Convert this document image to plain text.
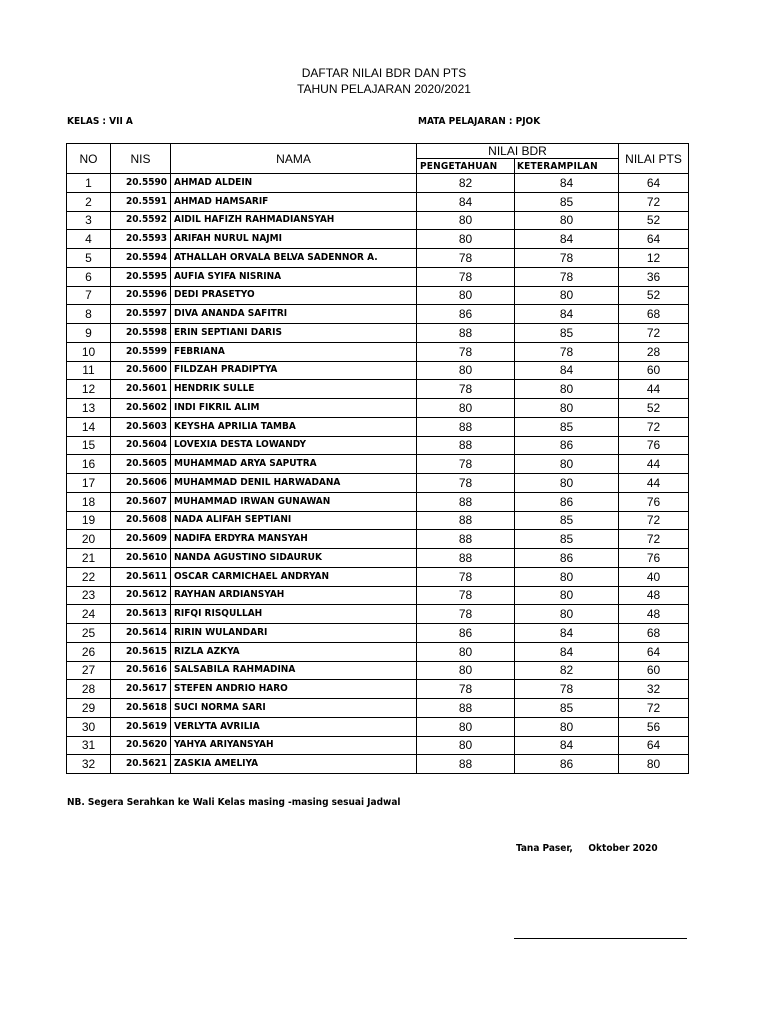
DAFTAR NILAI BDR DAN PTS
TAHUN PELAJARAN 2020/2021
KELAS : VII A	MATA PELAJARAN : PJOK
NO	NIS	NAMA	NILAI BDR		NILAI PTS
			PENGETAHUAN	KETERAMPILAN	
1	20.5590	AHMAD ALDEIN	82	84	64
2	20.5591	AHMAD HAMSARIF	84	85	72
3	20.5592	AIDIL HAFIZH RAHMADIANSYAH	80	80	52
4	20.5593	ARIFAH NURUL NAJMI	80	84	64
5	20.5594	ATHALLAH ORVALA BELVA SADENNOR A.	78	78	12
6	20.5595	AUFIA SYIFA NISRINA	78	78	36
7	20.5596	DEDI PRASETYO	80	80	52
8	20.5597	DIVA ANANDA SAFITRI	86	84	68
9	20.5598	ERIN SEPTIANI DARIS	88	85	72
10	20.5599	FEBRIANA	78	78	28
11	20.5600	FILDZAH PRADIPTYA	80	84	60
12	20.5601	HENDRIK SULLE	78	80	44
13	20.5602	INDI FIKRIL ALIM	80	80	52
14	20.5603	KEYSHA APRILIA TAMBA	88	85	72
15	20.5604	LOVEXIA DESTA LOWANDY	88	86	76
16	20.5605	MUHAMMAD ARYA SAPUTRA	78	80	44
17	20.5606	MUHAMMAD DENIL HARWADANA	78	80	44
18	20.5607	MUHAMMAD IRWAN GUNAWAN	88	86	76
19	20.5608	NADA ALIFAH SEPTIANI	88	85	72
20	20.5609	NADIFA ERDYRA MANSYAH	88	85	72
21	20.5610	NANDA AGUSTINO SIDAURUK	88	86	76
22	20.5611	OSCAR CARMICHAEL ANDRYAN	78	80	40
23	20.5612	RAYHAN ARDIANSYAH	78	80	48
24	20.5613	RIFQI RISQULLAH	78	80	48
25	20.5614	RIRIN WULANDARI	86	84	68
26	20.5615	RIZLA AZKYA	80	84	64
27	20.5616	SALSABILA RAHMADINA	80	82	60
28	20.5617	STEFEN ANDRIO HARO	78	78	32
29	20.5618	SUCI NORMA SARI	88	85	72
30	20.5619	VERLYTA AVRILIA	80	80	56
31	20.5620	YAHYA ARIYANSYAH	80	84	64
32	20.5621	ZASKIA AMELIYA	88	86	80
NB. Segera Serahkan ke Wali Kelas masing -masing sesuai Jadwal
Tana Paser,     Oktober 2020
